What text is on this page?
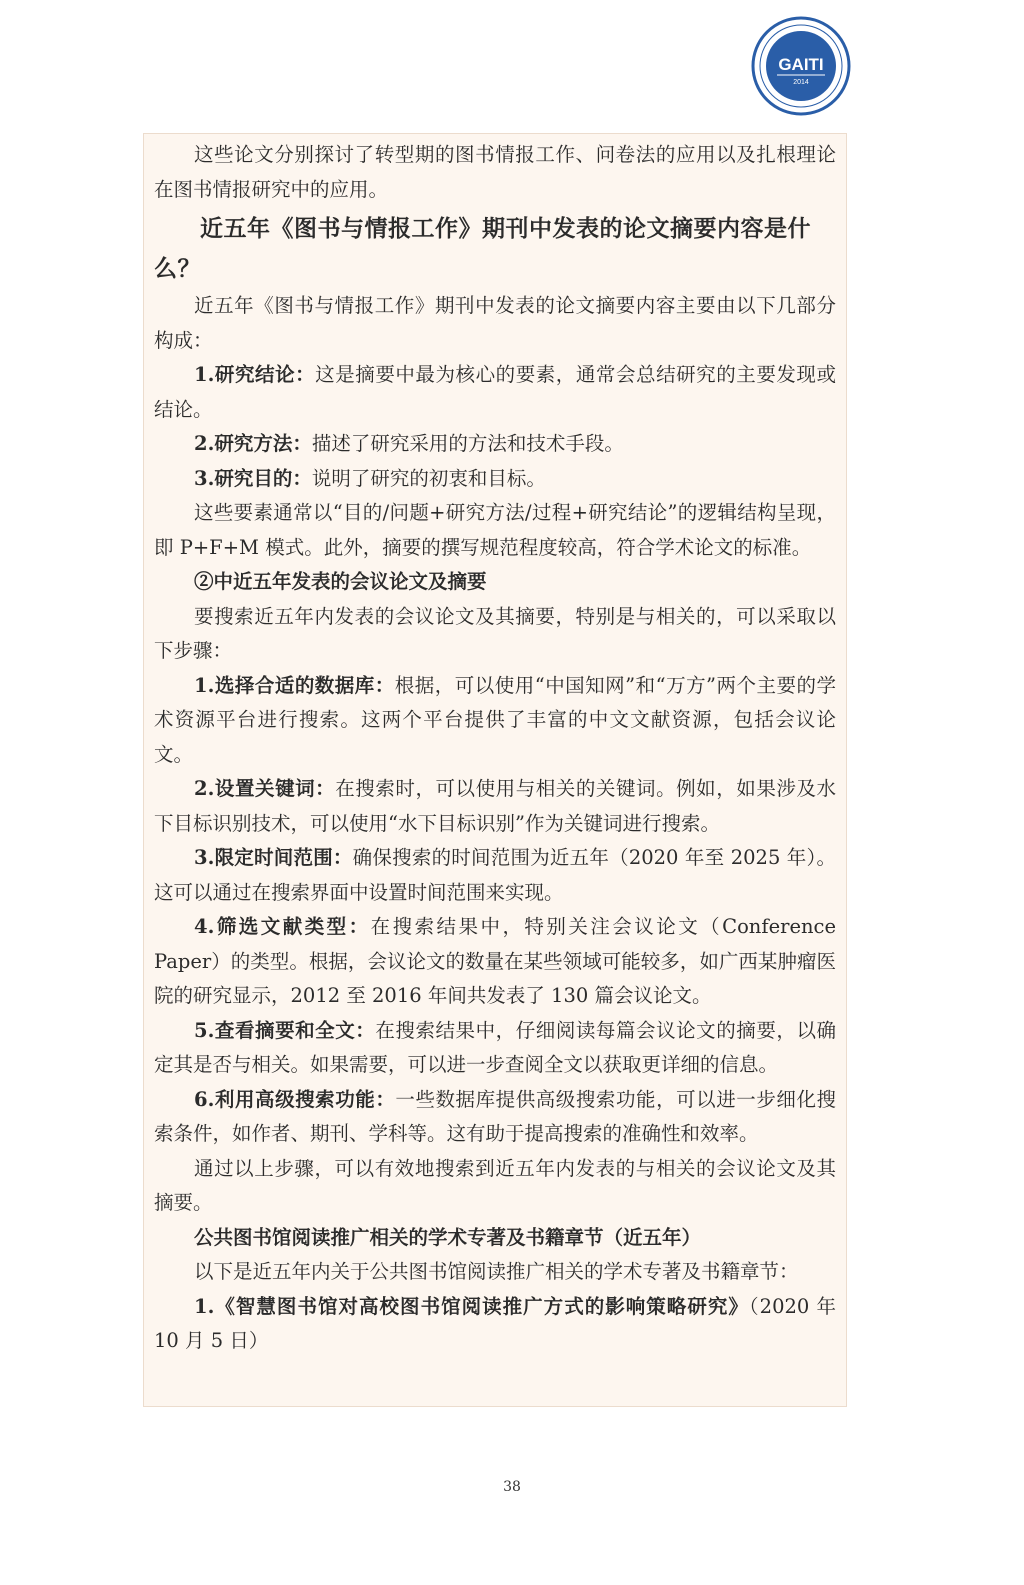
GAITI
2014

这些论文分别探讨了转型期的图书情报工作、问卷法的应用以及扎根理论在图书情报研究中的应用。

近五年《图书与情报工作》期刊中发表的论文摘要内容是什么？

近五年《图书与情报工作》期刊中发表的论文摘要内容主要由以下几部分构成：

1.研究结论：这是摘要中最为核心的要素，通常会总结研究的主要发现或结论。

2.研究方法：描述了研究采用的方法和技术手段。

3.研究目的：说明了研究的初衷和目标。

这些要素通常以“目的/问题+研究方法/过程+研究结论”的逻辑结构呈现，即 P+F+M 模式。此外，摘要的撰写规范程度较高，符合学术论文的标准。

②中近五年发表的会议论文及摘要

要搜索近五年内发表的会议论文及其摘要，特别是与相关的，可以采取以下步骤：

1.选择合适的数据库：根据，可以使用“中国知网”和“万方”两个主要的学术资源平台进行搜索。这两个平台提供了丰富的中文文献资源，包括会议论文。

2.设置关键词：在搜索时，可以使用与相关的关键词。例如，如果涉及水下目标识别技术，可以使用“水下目标识别”作为关键词进行搜索。

3.限定时间范围：确保搜索的时间范围为近五年（2020 年至 2025 年）。这可以通过在搜索界面中设置时间范围来实现。

4.筛选文献类型：在搜索结果中，特别关注会议论文（Conference Paper）的类型。根据，会议论文的数量在某些领域可能较多，如广西某肿瘤医院的研究显示，2012 至 2016 年间共发表了 130 篇会议论文。

5.查看摘要和全文：在搜索结果中，仔细阅读每篇会议论文的摘要，以确定其是否与相关。如果需要，可以进一步查阅全文以获取更详细的信息。

6.利用高级搜索功能：一些数据库提供高级搜索功能，可以进一步细化搜索条件，如作者、期刊、学科等。这有助于提高搜索的准确性和效率。

通过以上步骤，可以有效地搜索到近五年内发表的与相关的会议论文及其摘要。

公共图书馆阅读推广相关的学术专著及书籍章节（近五年）

以下是近五年内关于公共图书馆阅读推广相关的学术专著及书籍章节：

1.《智慧图书馆对高校图书馆阅读推广方式的影响策略研究》（2020 年 10 月 5 日）

38
